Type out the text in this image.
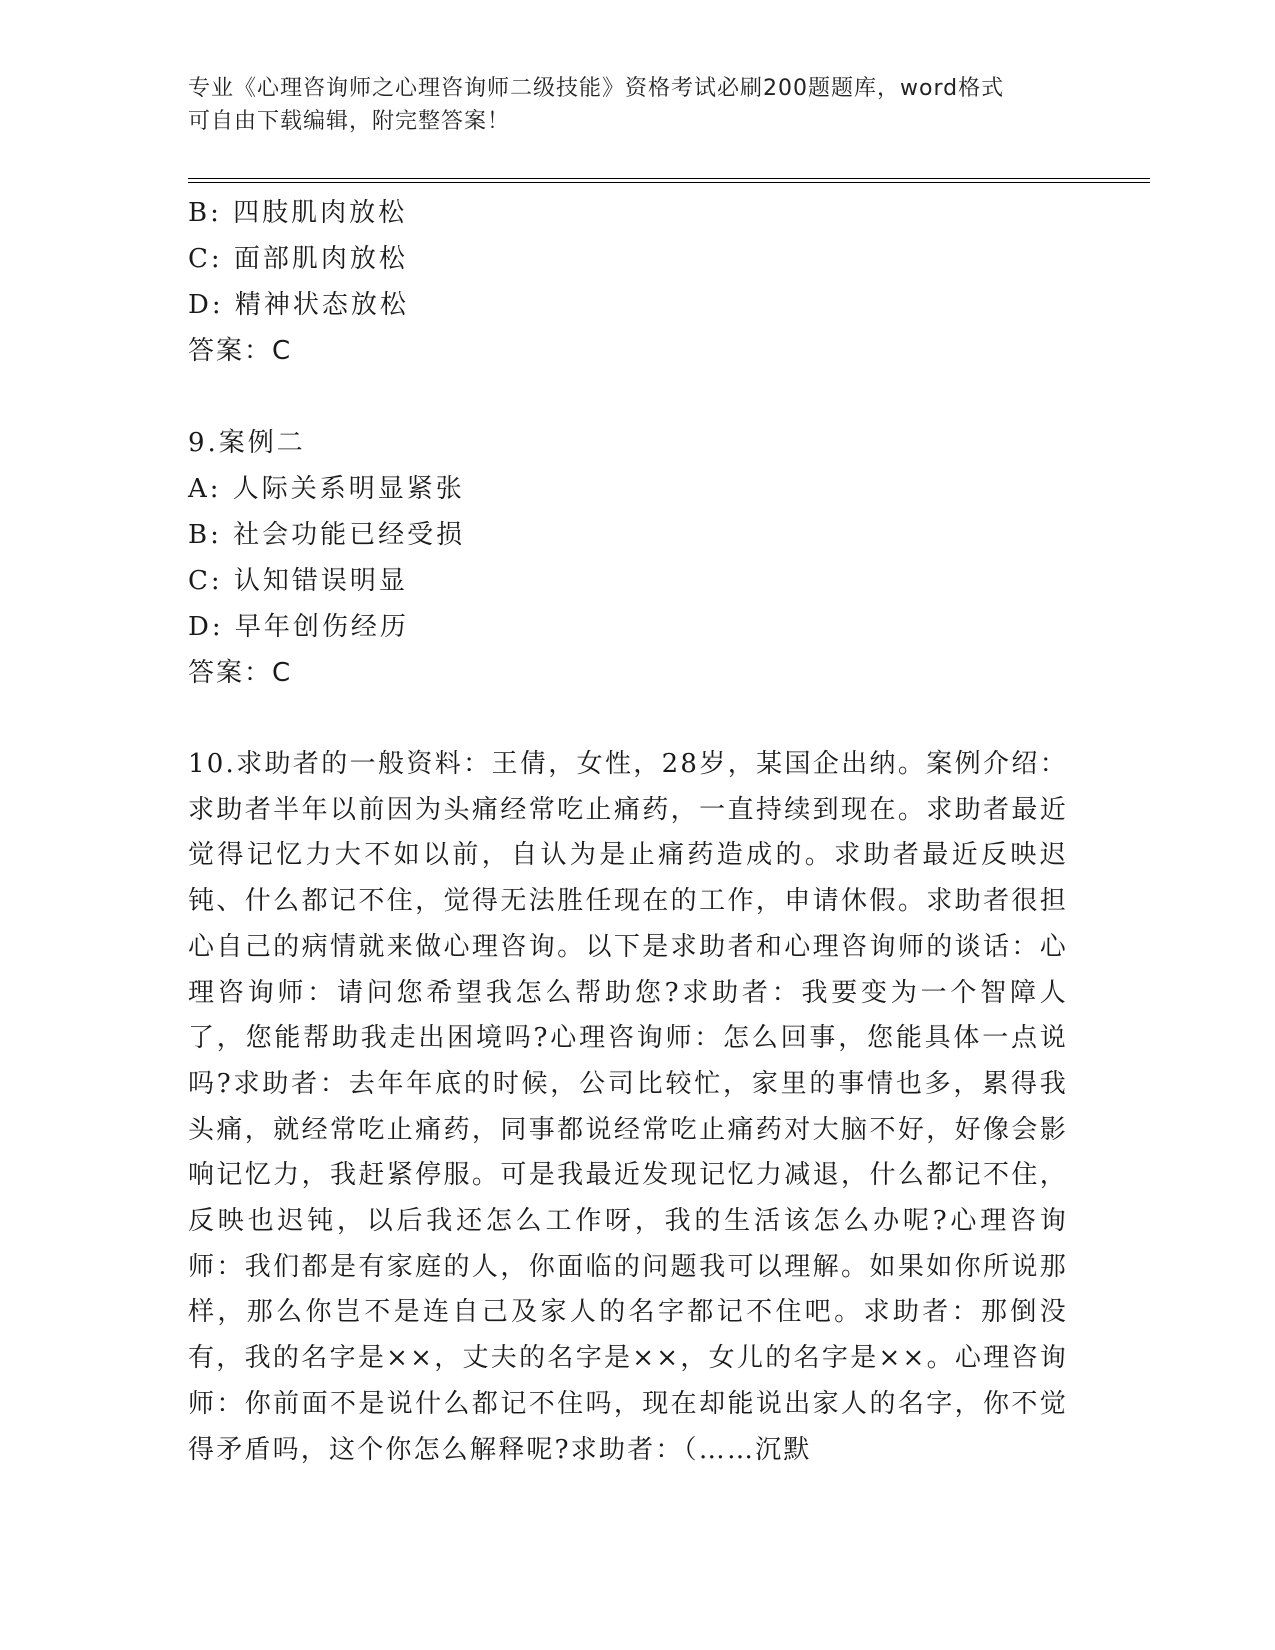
专业《心理咨询师之心理咨询师二级技能》资格考试必刷200题题库，word格式
可自由下载编辑，附完整答案！
B: 四肢肌肉放松
C: 面部肌肉放松
D: 精神状态放松
答案：C
9.案例二
A: 人际关系明显紧张
B: 社会功能已经受损
C: 认知错误明显
D: 早年创伤经历
答案：C
10.求助者的一般资料：王倩，女性，28岁，某国企出纳。案例介绍：求助者半年以前因为头痛经常吃止痛药，一直持续到现在。求助者最近觉得记忆力大不如以前，自认为是止痛药造成的。求助者最近反映迟钝、什么都记不住，觉得无法胜任现在的工作，申请休假。求助者很担心自己的病情就来做心理咨询。以下是求助者和心理咨询师的谈话：心理咨询师：请问您希望我怎么帮助您?求助者：我要变为一个智障人了，您能帮助我走出困境吗?心理咨询师：怎么回事，您能具体一点说吗?求助者：去年年底的时候，公司比较忙，家里的事情也多，累得我头痛，就经常吃止痛药，同事都说经常吃止痛药对大脑不好，好像会影响记忆力，我赶紧停服。可是我最近发现记忆力减退，什么都记不住，反映也迟钝，以后我还怎么工作呀，我的生活该怎么办呢?心理咨询师：我们都是有家庭的人，你面临的问题我可以理解。如果如你所说那样，那么你岂不是连自己及家人的名字都记不住吧。求助者：那倒没有，我的名字是××，丈夫的名字是××，女儿的名字是××。心理咨询师：你前面不是说什么都记不住吗，现在却能说出家人的名字，你不觉得矛盾吗，这个你怎么解释呢?求助者：（……沉默
